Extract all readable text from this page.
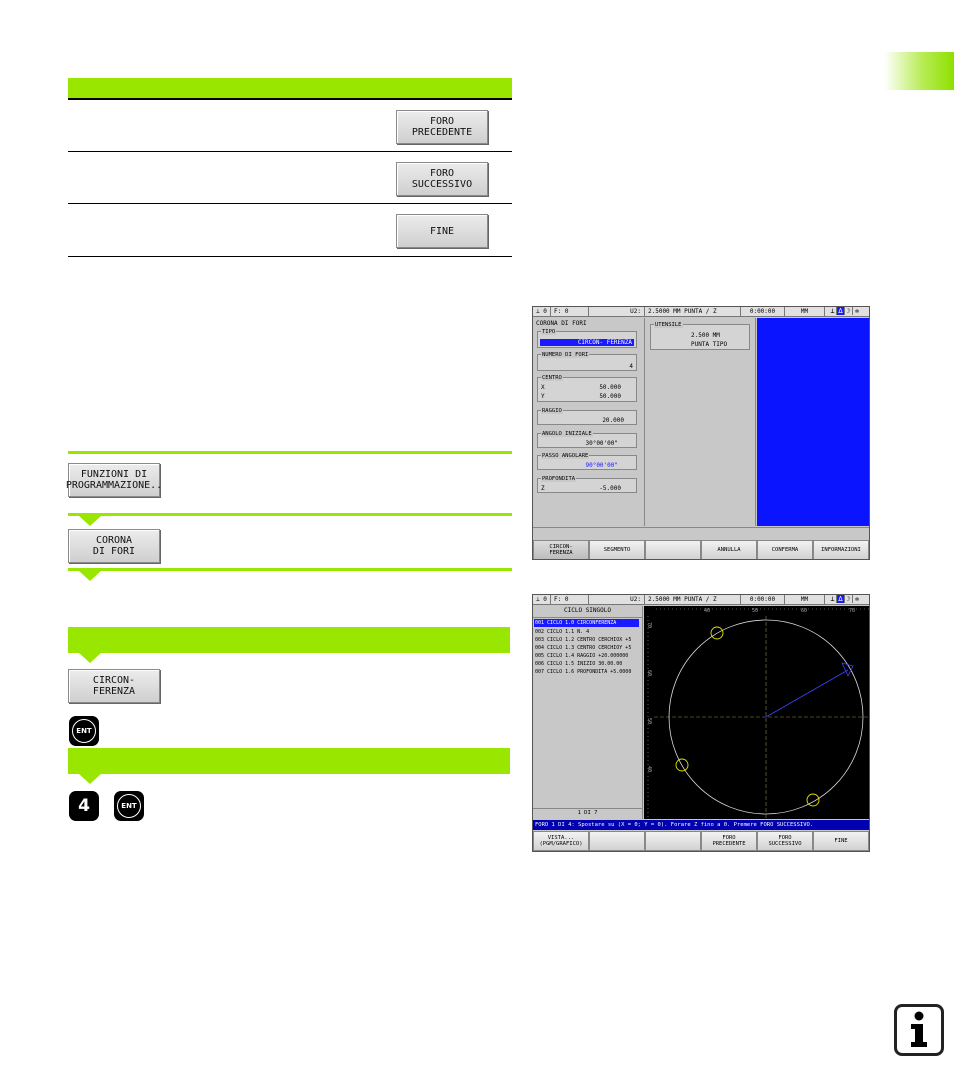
FORO
PRECEDENTE
FORO
SUCCESSIVO
FINE
FUNZIONI DI
PROGRAMMAZIONE..
CORONA
DI FORI
CIRCON-
FERENZA
ENT
4	ENT
⊥ 0	F: 0	U2:	2.5000 MM PUNTA / Z	0:00:00	MM	⊥ ∆ ☽ ✲
CORONA DI FORI
TIPO
CIRCON- FERENZA
NUMERO DI FORI
4
CENTRO
X	50.000
Y	50.000
RAGGIO
20.000
ANGOLO INIZIALE
30°00'00"
PASSO ANGOLARE
90°00'00"
PROFONDITA
Z	-5.000
UTENSILE
2.500 MM
PUNTA TIPO
CIRCON-
FERENZA	SEGMENTO	ANNULLA	CONFERMA	INFORMAZIONI
⊥ 0	F: 0	U2:	2.5000 MM PUNTA / Z	0:00:00	MM	⊥ ∆ ☽ ✲
CICLO SINGOLO
001 CICLO 1.0 CIRCONFERENZA
002 CICLO 1.1 N. 4
003 CICLO 1.2 CENTRO CERCHIOX +5
004 CICLO 1.3 CENTRO CERCHIOY +5
005 CICLO 1.4 RAGGIO +20.000000
006 CICLO 1.5 INIZIO 30.00.00
007 CICLO 1.6 PROFONDITA +5.0000
1 DI 7
40	50	60	70
70
60
50
40
FORO 1 DI 4: Spostare su (X = 0; Y = 0). Forare Z fino a 0. Premere FORO SUCCESSIVO.
VISTA...
(PGM/GRAFICO)
FORO
PRECEDENTE
FORO
SUCCESSIVO	FINE
